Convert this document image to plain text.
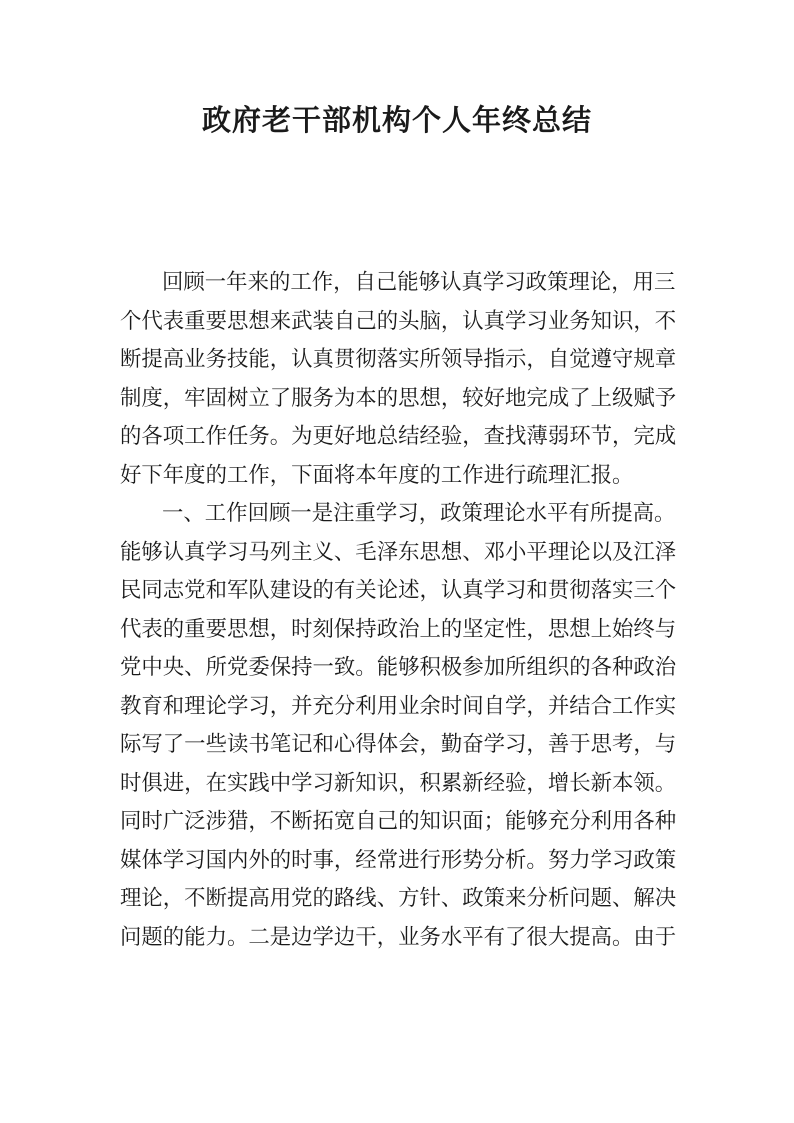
政府老干部机构个人年终总结
回顾一年来的工作，自己能够认真学习政策理论，用三
个代表重要思想来武装自己的头脑，认真学习业务知识，不
断提高业务技能，认真贯彻落实所领导指示，自觉遵守规章
制度，牢固树立了服务为本的思想，较好地完成了上级赋予
的各项工作任务。为更好地总结经验，查找薄弱环节，完成
好下年度的工作，下面将本年度的工作进行疏理汇报。
一、工作回顾一是注重学习，政策理论水平有所提高。
能够认真学习马列主义、毛泽东思想、邓小平理论以及江泽
民同志党和军队建设的有关论述，认真学习和贯彻落实三个
代表的重要思想，时刻保持政治上的坚定性，思想上始终与
党中央、所党委保持一致。能够积极参加所组织的各种政治
教育和理论学习，并充分利用业余时间自学，并结合工作实
际写了一些读书笔记和心得体会，勤奋学习，善于思考，与
时俱进，在实践中学习新知识，积累新经验，增长新本领。
同时广泛涉猎，不断拓宽自己的知识面；能够充分利用各种
媒体学习国内外的时事，经常进行形势分析。努力学习政策
理论，不断提高用党的路线、方针、政策来分析问题、解决
问题的能力。二是边学边干，业务水平有了很大提高。由于
